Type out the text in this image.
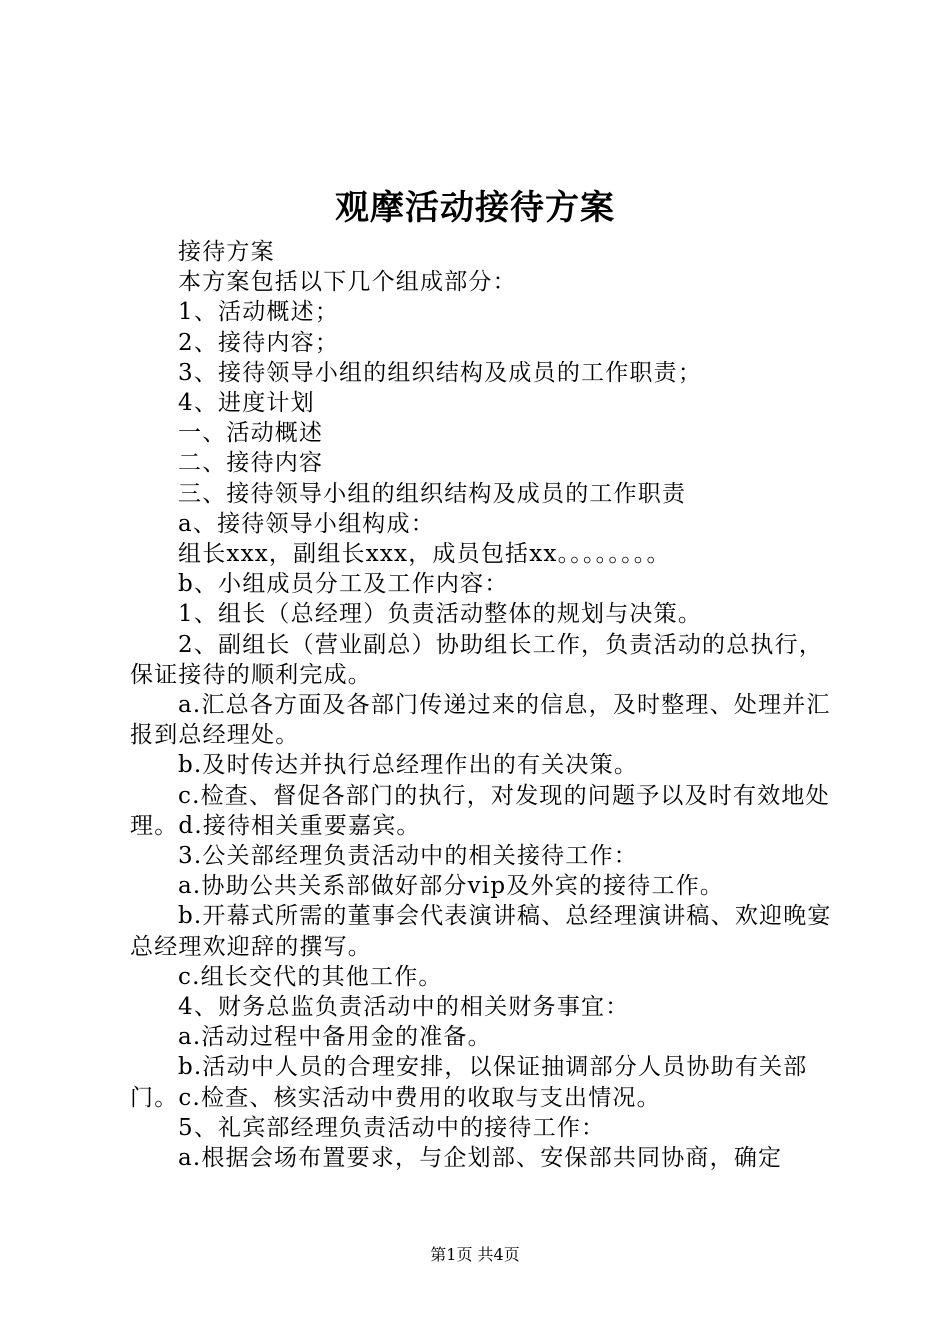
观摩活动接待方案

接待方案

本方案包括以下几个组成部分：

1、活动概述；

2、接待内容；

3、接待领导小组的组织结构及成员的工作职责；

4、进度计划

一、活动概述

二、接待内容

三、接待领导小组的组织结构及成员的工作职责

a、接待领导小组构成：

组长xxx，副组长xxx，成员包括xx。。。。。。。。

b、小组成员分工及工作内容：

1、组长（总经理）负责活动整体的规划与决策。

2、副组长（营业副总）协助组长工作，负责活动的总执行，保证接待的顺利完成。

a.汇总各方面及各部门传递过来的信息，及时整理、处理并汇报到总经理处。

b.及时传达并执行总经理作出的有关决策。

c.检查、督促各部门的执行，对发现的问题予以及时有效地处理。d.接待相关重要嘉宾。

3.公关部经理负责活动中的相关接待工作：

a.协助公共关系部做好部分vip及外宾的接待工作。

b.开幕式所需的董事会代表演讲稿、总经理演讲稿、欢迎晚宴总经理欢迎辞的撰写。

c.组长交代的其他工作。

4、财务总监负责活动中的相关财务事宜：

a.活动过程中备用金的准备。

b.活动中人员的合理安排，以保证抽调部分人员协助有关部门。c.检查、核实活动中费用的收取与支出情况。

5、礼宾部经理负责活动中的接待工作：

a.根据会场布置要求，与企划部、安保部共同协商，确定

第1页 共4页
